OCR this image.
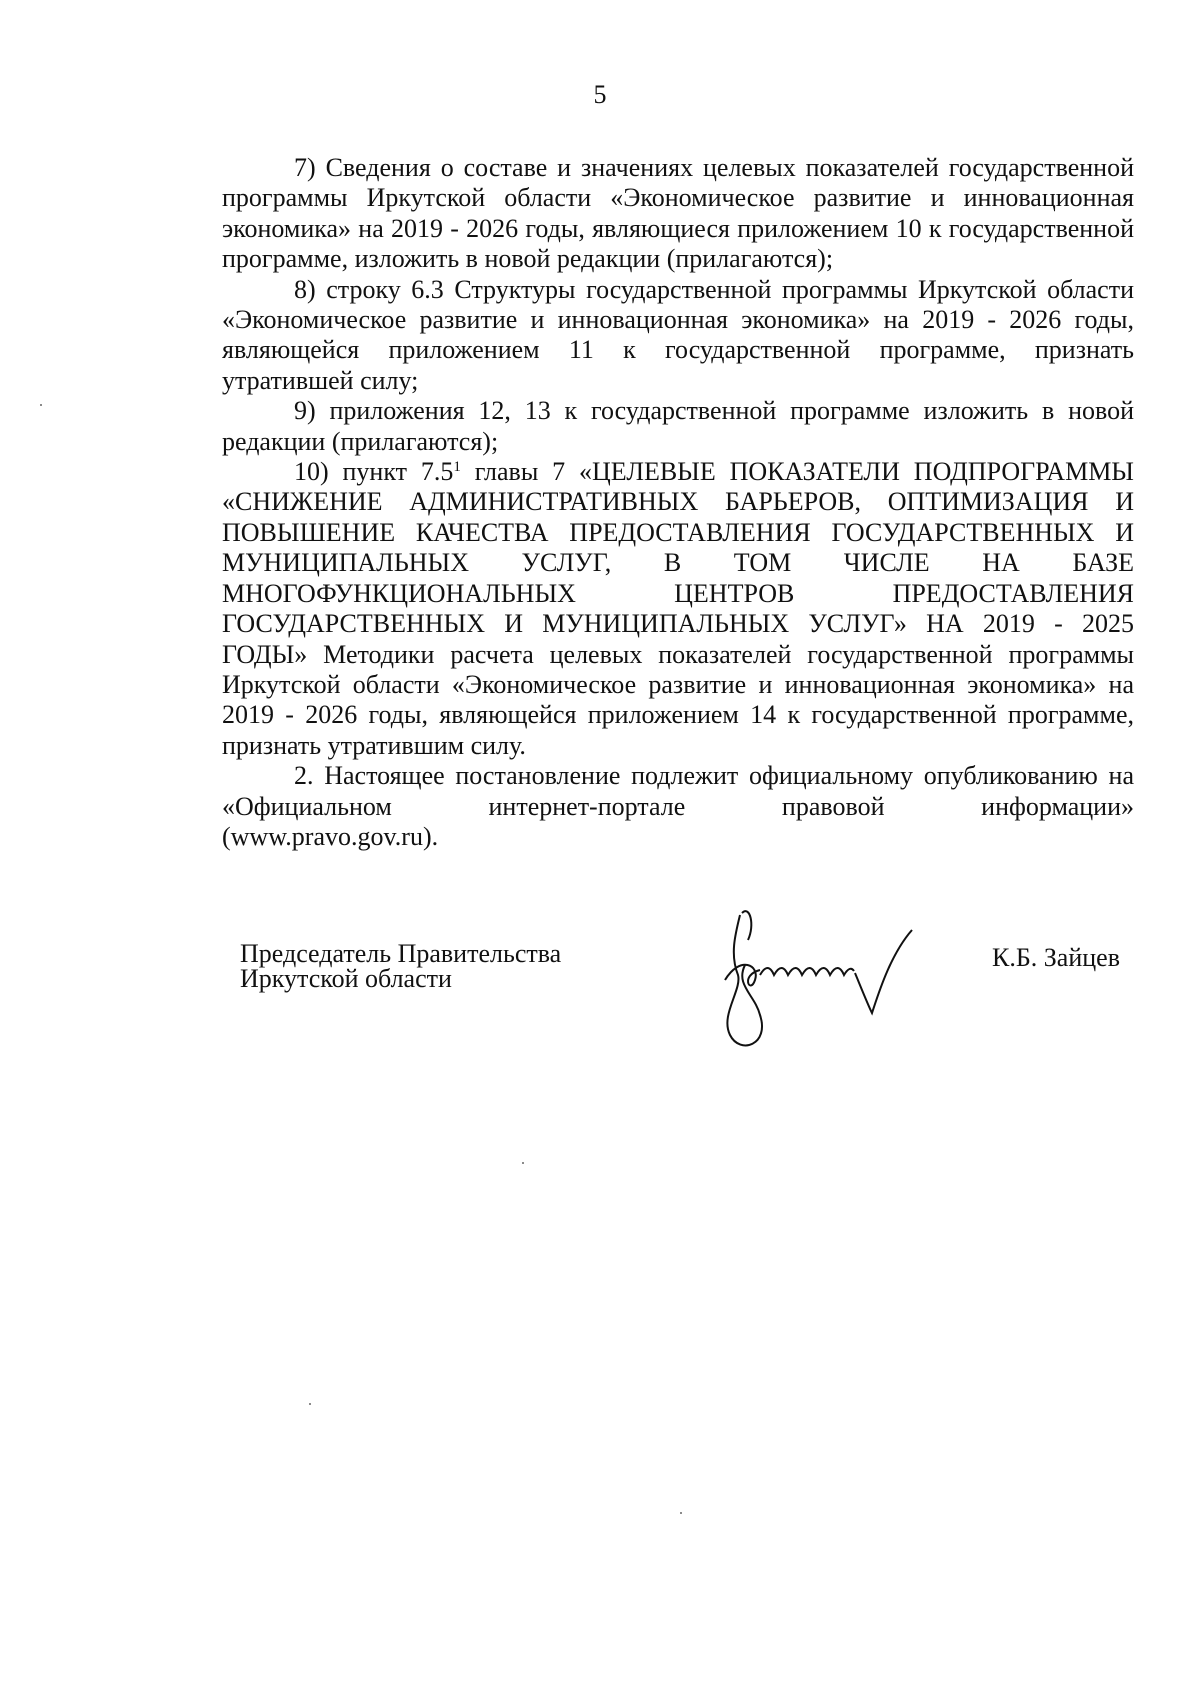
5

7) Сведения о составе и значениях целевых показателей государственной программы Иркутской области «Экономическое развитие и инновационная экономика» на 2019 - 2026 годы, являющиеся приложением 10 к государственной программе, изложить в новой редакции (прилагаются);

8) строку 6.3 Структуры государственной программы Иркутской области «Экономическое развитие и инновационная экономика» на 2019 - 2026 годы, являющейся приложением 11 к государственной программе, признать утратившей силу;

9) приложения 12, 13 к государственной программе изложить в новой редакции (прилагаются);

10) пункт $7.5^1$ главы 7 «ЦЕЛЕВЫЕ ПОКАЗАТЕЛИ ПОДПРОГРАММЫ «СНИЖЕНИЕ АДМИНИСТРАТИВНЫХ БАРЬЕРОВ, ОПТИМИЗАЦИЯ И ПОВЫШЕНИЕ КАЧЕСТВА ПРЕДОСТАВЛЕНИЯ ГОСУДАРСТВЕННЫХ И МУНИЦИПАЛЬНЫХ УСЛУГ, В ТОМ ЧИСЛЕ НА БАЗЕ МНОГОФУНКЦИОНАЛЬНЫХ ЦЕНТРОВ ПРЕДОСТАВЛЕНИЯ ГОСУДАРСТВЕННЫХ И МУНИЦИПАЛЬНЫХ УСЛУГ» НА 2019 - 2025 ГОДЫ» Методики расчета целевых показателей государственной программы Иркутской области «Экономическое развитие и инновационная экономика» на 2019 - 2026 годы, являющейся приложением 14 к государственной программе, признать утратившим силу.

2. Настоящее постановление подлежит официальному опубликованию на «Официальном интернет-портале правовой информации»

(www.pravo.gov.ru).

Председатель Правительства
Иркутской области
К.Б. Зайцев
